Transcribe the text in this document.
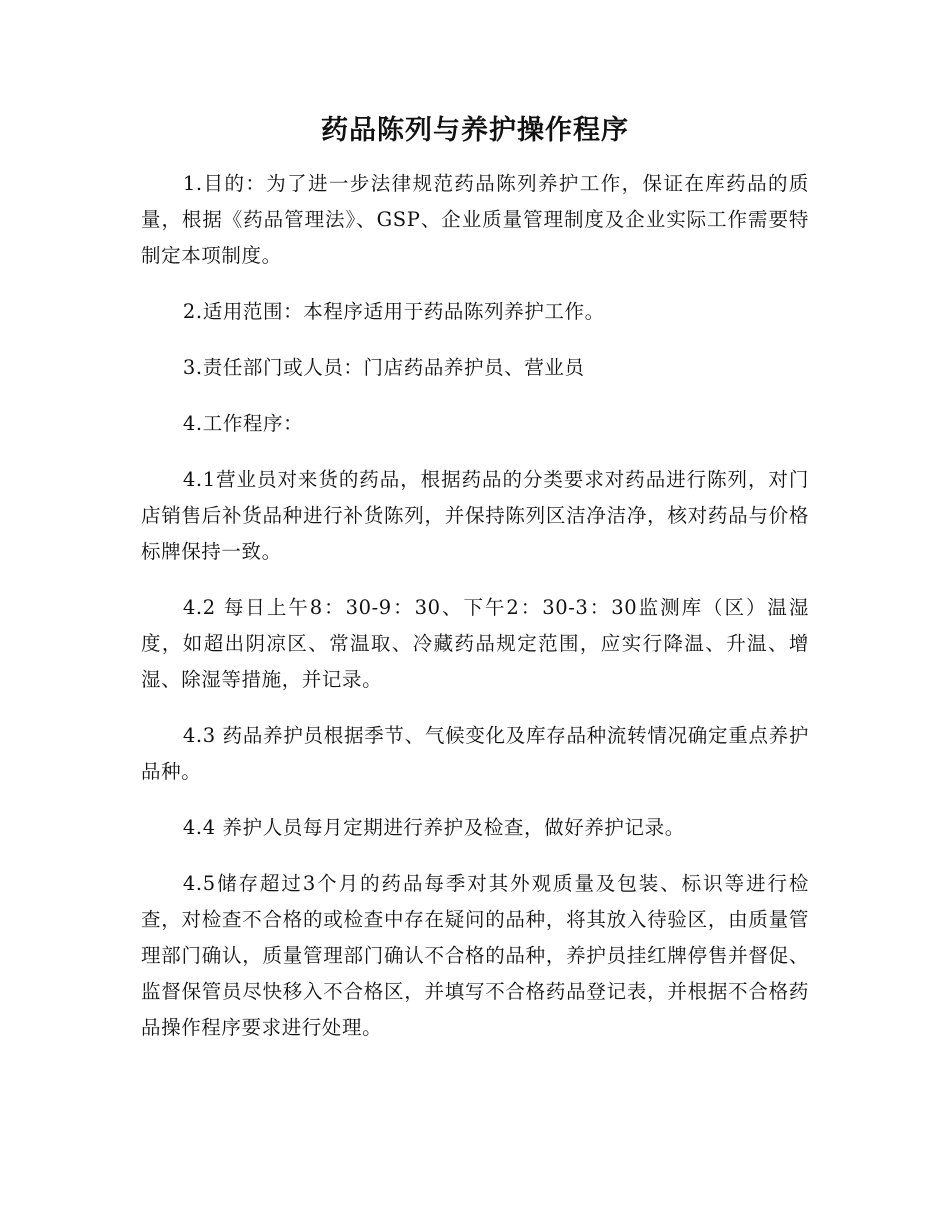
药品陈列与养护操作程序

1.目的：为了进一步法律规范药品陈列养护工作，保证在库药品的质量，根据《药品管理法》、GSP、企业质量管理制度及企业实际工作需要特制定本项制度。

2.适用范围：本程序适用于药品陈列养护工作。

3.责任部门或人员：门店药品养护员、营业员

4.工作程序：

4.1营业员对来货的药品，根据药品的分类要求对药品进行陈列，对门店销售后补货品种进行补货陈列，并保持陈列区洁净洁净，核对药品与价格标牌保持一致。

4.2 每日上午8：30-9：30、下午2：30-3：30监测库（区）温湿度，如超出阴凉区、常温取、冷藏药品规定范围，应实行降温、升温、增湿、除湿等措施，并记录。

4.3 药品养护员根据季节、气候变化及库存品种流转情况确定重点养护品种。

4.4 养护人员每月定期进行养护及检查，做好养护记录。

4.5储存超过3个月的药品每季对其外观质量及包装、标识等进行检查，对检查不合格的或检查中存在疑问的品种，将其放入待验区，由质量管理部门确认，质量管理部门确认不合格的品种，养护员挂红牌停售并督促、监督保管员尽快移入不合格区，并填写不合格药品登记表，并根据不合格药品操作程序要求进行处理。
